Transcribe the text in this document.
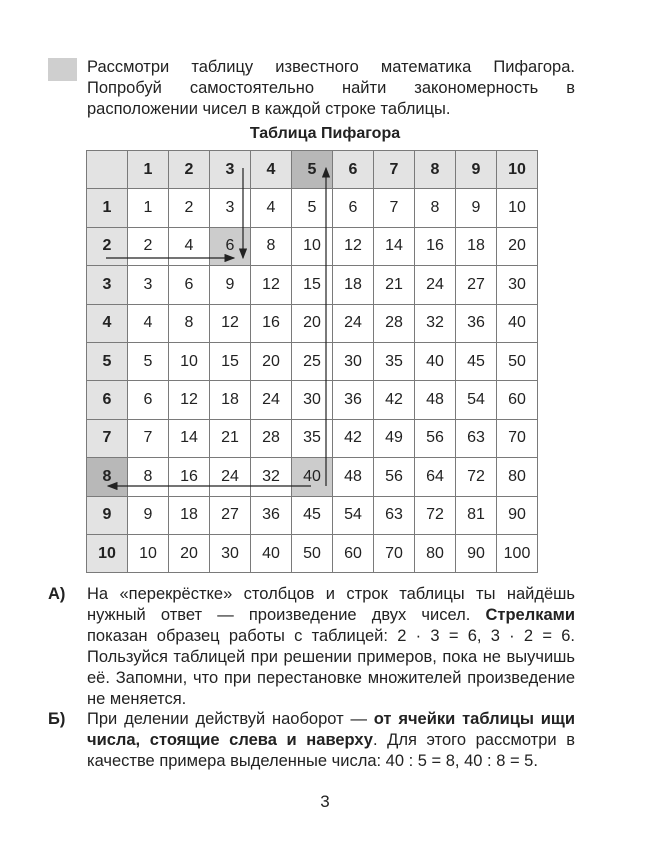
Рассмотри таблицу известного математика Пифагора. Попробуй самостоятельно найти закономерность в расположении чисел в каждой строке таблицы.

Таблица Пифагора

	1	2	3	4	5	6	7	8	9	10
1	1	2	3	4	5	6	7	8	9	10
2	2	4	6	8	10	12	14	16	18	20
3	3	6	9	12	15	18	21	24	27	30
4	4	8	12	16	20	24	28	32	36	40
5	5	10	15	20	25	30	35	40	45	50
6	6	12	18	24	30	36	42	48	54	60
7	7	14	21	28	35	42	49	56	63	70
8	8	16	24	32	40	48	56	64	72	80
9	9	18	27	36	45	54	63	72	81	90
10	10	20	30	40	50	60	70	80	90	100
А) На «перекрёстке» столбцов и строк таблицы ты найдёшь нужный ответ — произведение двух чисел. Стрелками показан образец работы с таблицей: 2 · 3 = 6, 3 · 2 = 6. Пользуйся таблицей при решении примеров, пока не выучишь её. Запомни, что при перестановке множителей произведение не меняется.
Б) При делении действуй наоборот — от ячейки таблицы ищи числа, стоящие слева и наверху. Для этого рассмотри в качестве примера выделенные числа: 40 : 5 = 8, 40 : 8 = 5.

3
